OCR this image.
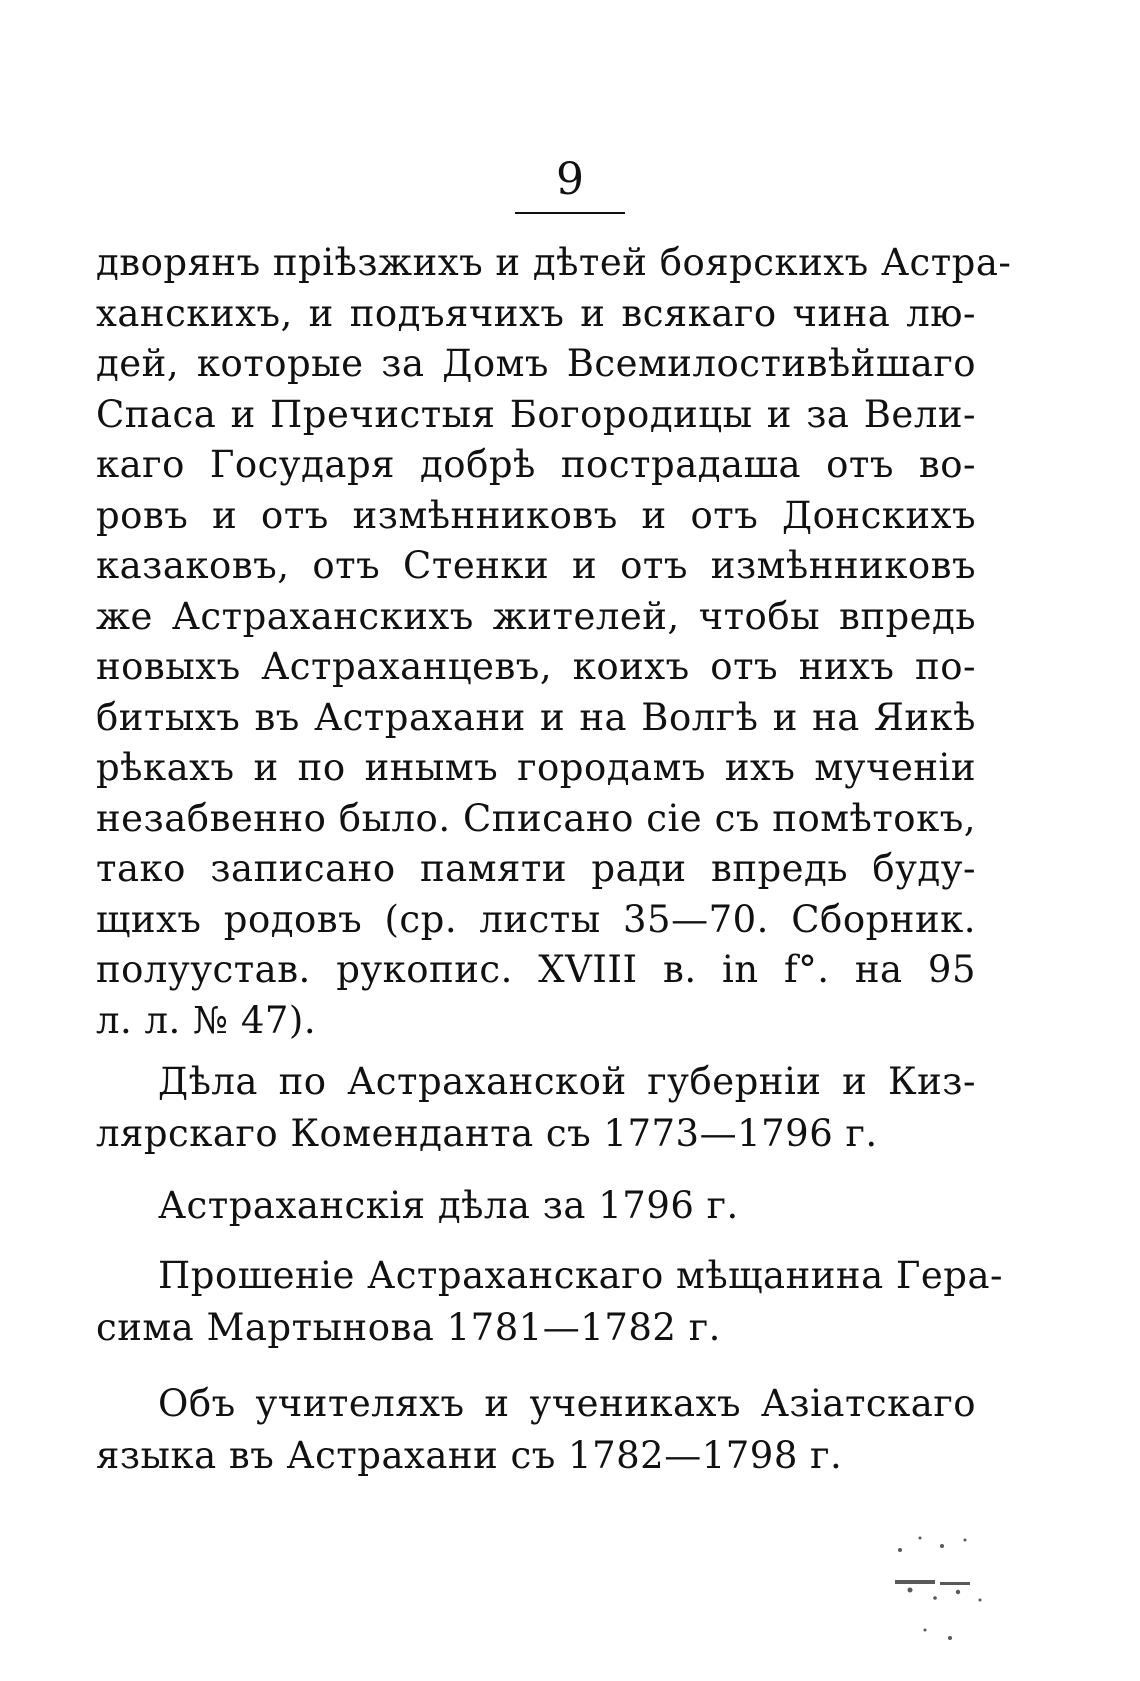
9
дворянъ пріѣзжихъ и дѣтей боярскихъ Астра-
ханскихъ, и подъячихъ и всякаго чина лю-
дей, которые за Домъ Всемилостивѣйшаго
Спаса и Пречистыя Богородицы и за Вели-
каго Государя добрѣ пострадаша отъ во-
ровъ и отъ измѣнниковъ и отъ Донскихъ
казаковъ, отъ Стенки и отъ измѣнниковъ
же Астраханскихъ жителей, чтобы впредь
новыхъ Астраханцевъ, коихъ отъ нихъ по-
битыхъ въ Астрахани и на Волгѣ и на Яикѣ
рѣкахъ и по инымъ городамъ ихъ мученіи
незабвенно было. Списано сіе съ помѣтокъ,
тако записано памяти ради впредь буду-
щихъ родовъ (ср. листы 35—70. Сборник.
полуустав. рукопис. XVIII в. in f°. на 95
л. л. № 47).
Дѣла по Астраханской губерніи и Киз-
лярскаго Коменданта съ 1773—1796 г.
Астраханскія дѣла за 1796 г.
Прошеніе Астраханскаго мѣщанина Гера-
сима Мартынова 1781—1782 г.
Объ учителяхъ и ученикахъ Азіатскаго
языка въ Астрахани съ 1782—1798 г.
